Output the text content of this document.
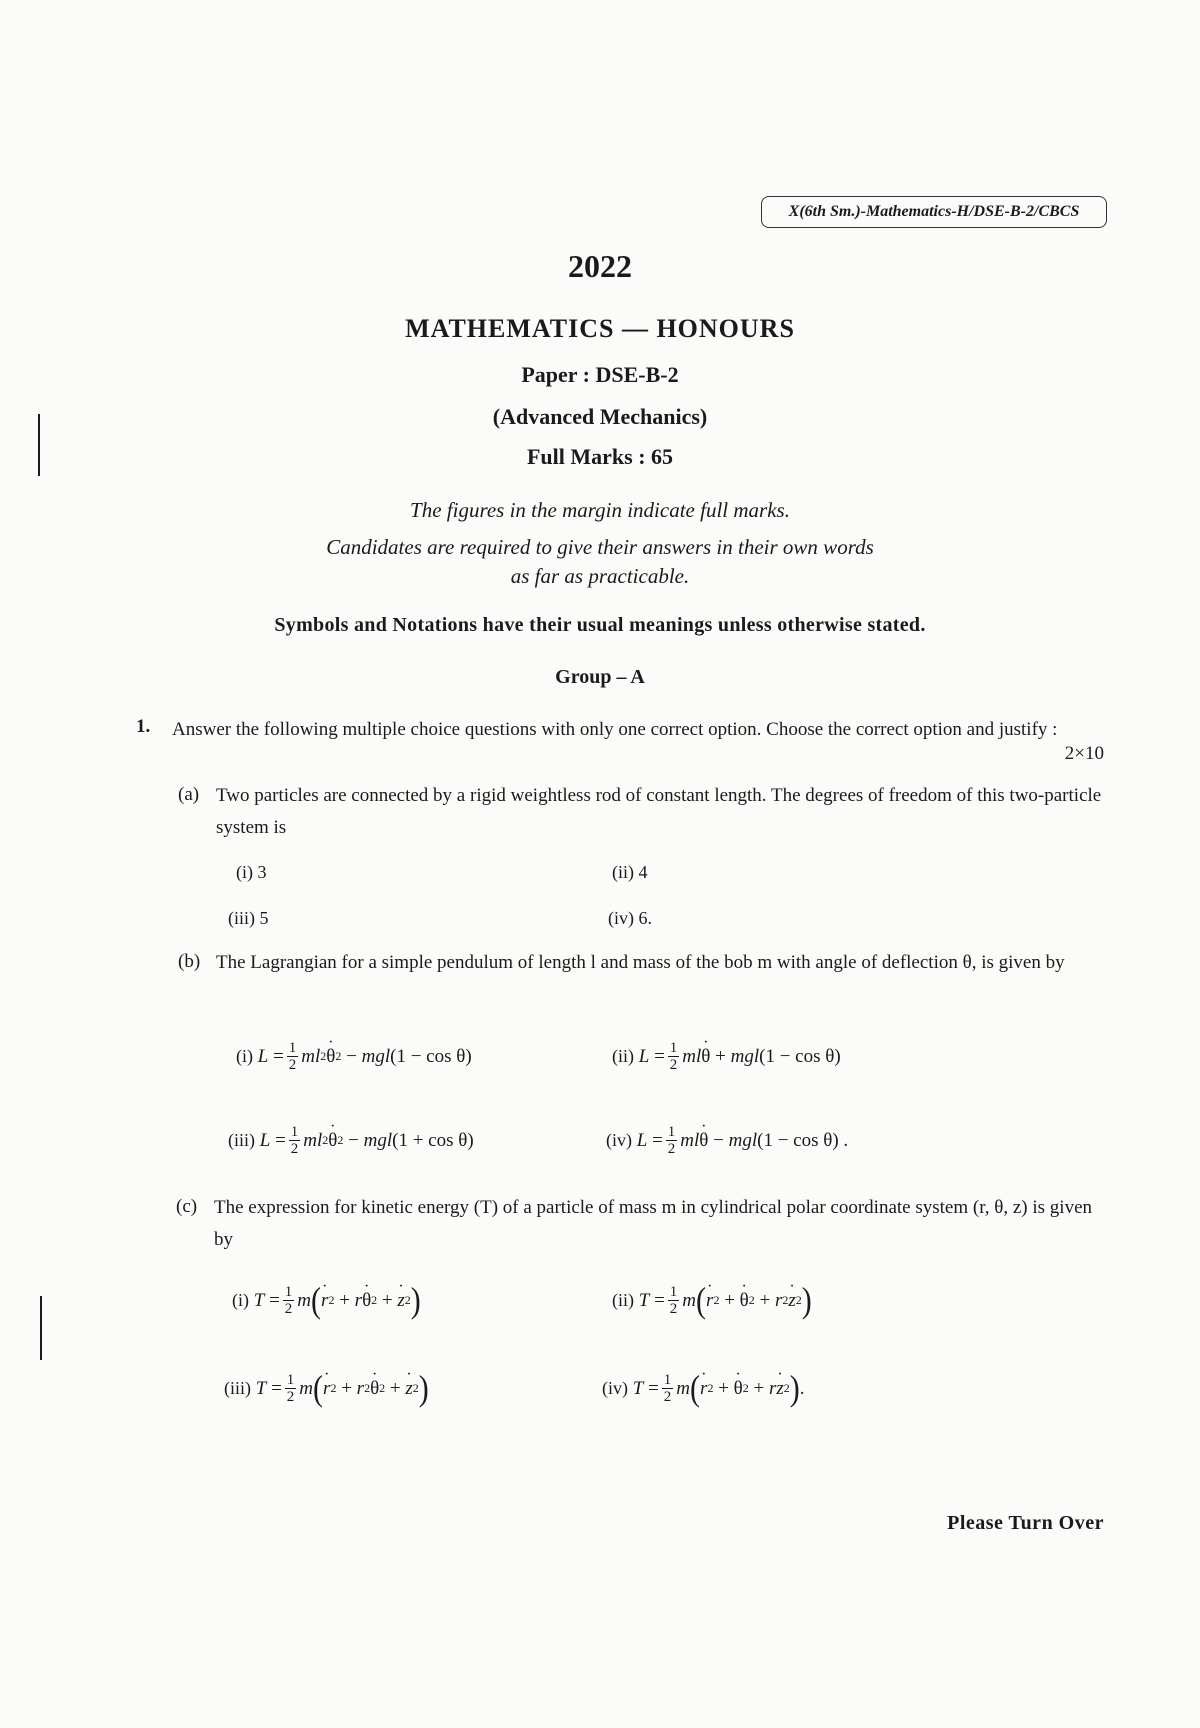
X(6th Sm.)-Mathematics-H/DSE-B-2/CBCS
2022
MATHEMATICS — HONOURS
Paper : DSE-B-2
(Advanced Mechanics)
Full Marks : 65
The figures in the margin indicate full marks.
Candidates are required to give their answers in their own words
as far as practicable.
Symbols and Notations have their usual meanings unless otherwise stated.
Group – A
1. Answer the following multiple choice questions with only one correct option. Choose the correct option and justify :
2×10
(a) Two particles are connected by a rigid weightless rod of constant length. The degrees of freedom of this two-particle system is
(i) 3	(ii) 4
(iii) 5	(iv) 6.
(b) The Lagrangian for a simple pendulum of length l and mass of the bob m with angle of deflection θ, is given by
(i)
$L = \frac{1}{2}$ ml 2 · θ 2 − mgl (1 − cos θ)	(ii)
$L = \frac{1}{2}$ ml · θ + mgl (1 − cos θ)
(iii)
$L = \frac{1}{2}$ ml 2 · θ 2 − mgl (1 + cos θ)	(iv)
$L = \frac{1}{2}$ ml · θ − mgl (1 − cos θ) .
(c) The expression for kinetic energy (T) of a particle of mass m in cylindrical polar coordinate system (r, θ, z) is given by
(i)
$T = \frac{1}{2}$ m ( · r 2 + r · θ 2 + · z 2 )	(ii)
$T = \frac{1}{2}$ m ( · r 2 + · θ 2 + r 2 · z 2 )
(iii)
$T = \frac{1}{2}$ m ( · r 2 + r 2 · θ 2 + · z 2 )	(iv)
$T = \frac{1}{2}$ m ( · r 2 + · θ 2 + r · z 2 ) .
Please Turn Over
